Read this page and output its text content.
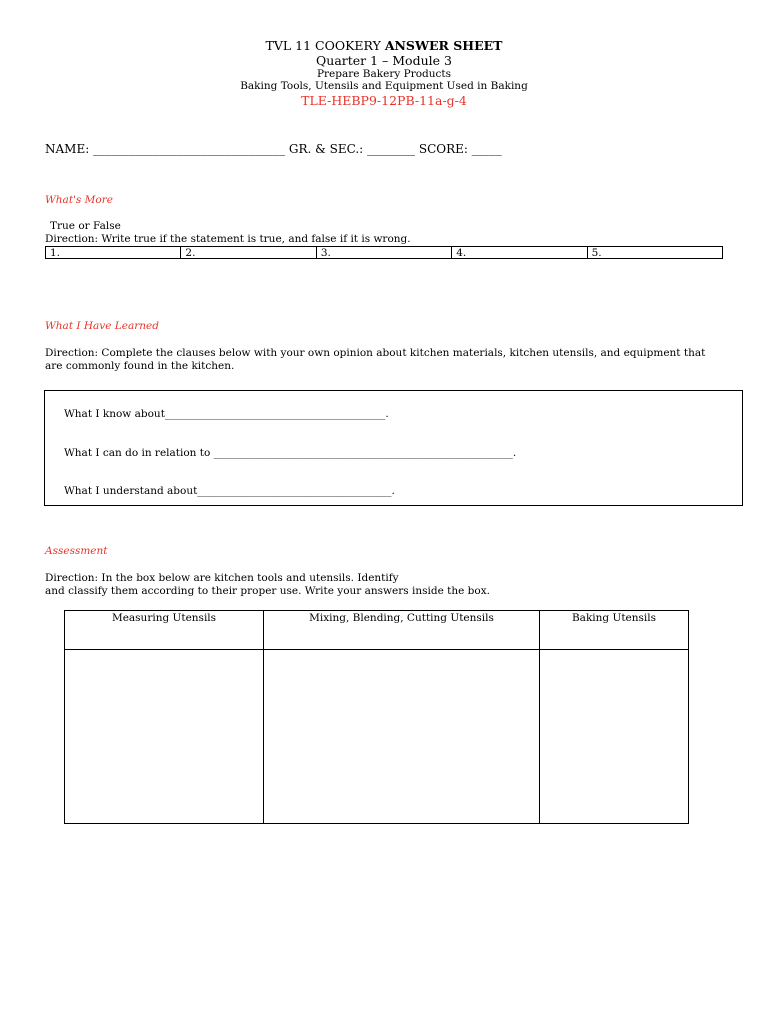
TVL 11 COOKERY ANSWER SHEET
Quarter 1 – Module 3
Prepare Bakery Products
Baking Tools, Utensils and Equipment Used in Baking
TLE-HEBP9-12PB-11a-g-4
NAME: ________________________________ GR. & SEC.: ________ SCORE: _____
What's More
True or False
Direction: Write true if the statement is true, and false if it is wrong.
1.	2.	3.	4.	5.
What I Have Learned
Direction: Complete the clauses below with your own opinion about kitchen materials, kitchen utensils, and equipment that are commonly found in the kitchen.
What I know about__________________________________________.
What I can do in relation to _________________________________________________________.
What I understand about_____________________________________.
Assessment
Direction: In the box below are kitchen tools and utensils. Identify
and classify them according to their proper use. Write your answers inside the box.
Measuring Utensils	Mixing, Blending, Cutting Utensils	Baking Utensils
